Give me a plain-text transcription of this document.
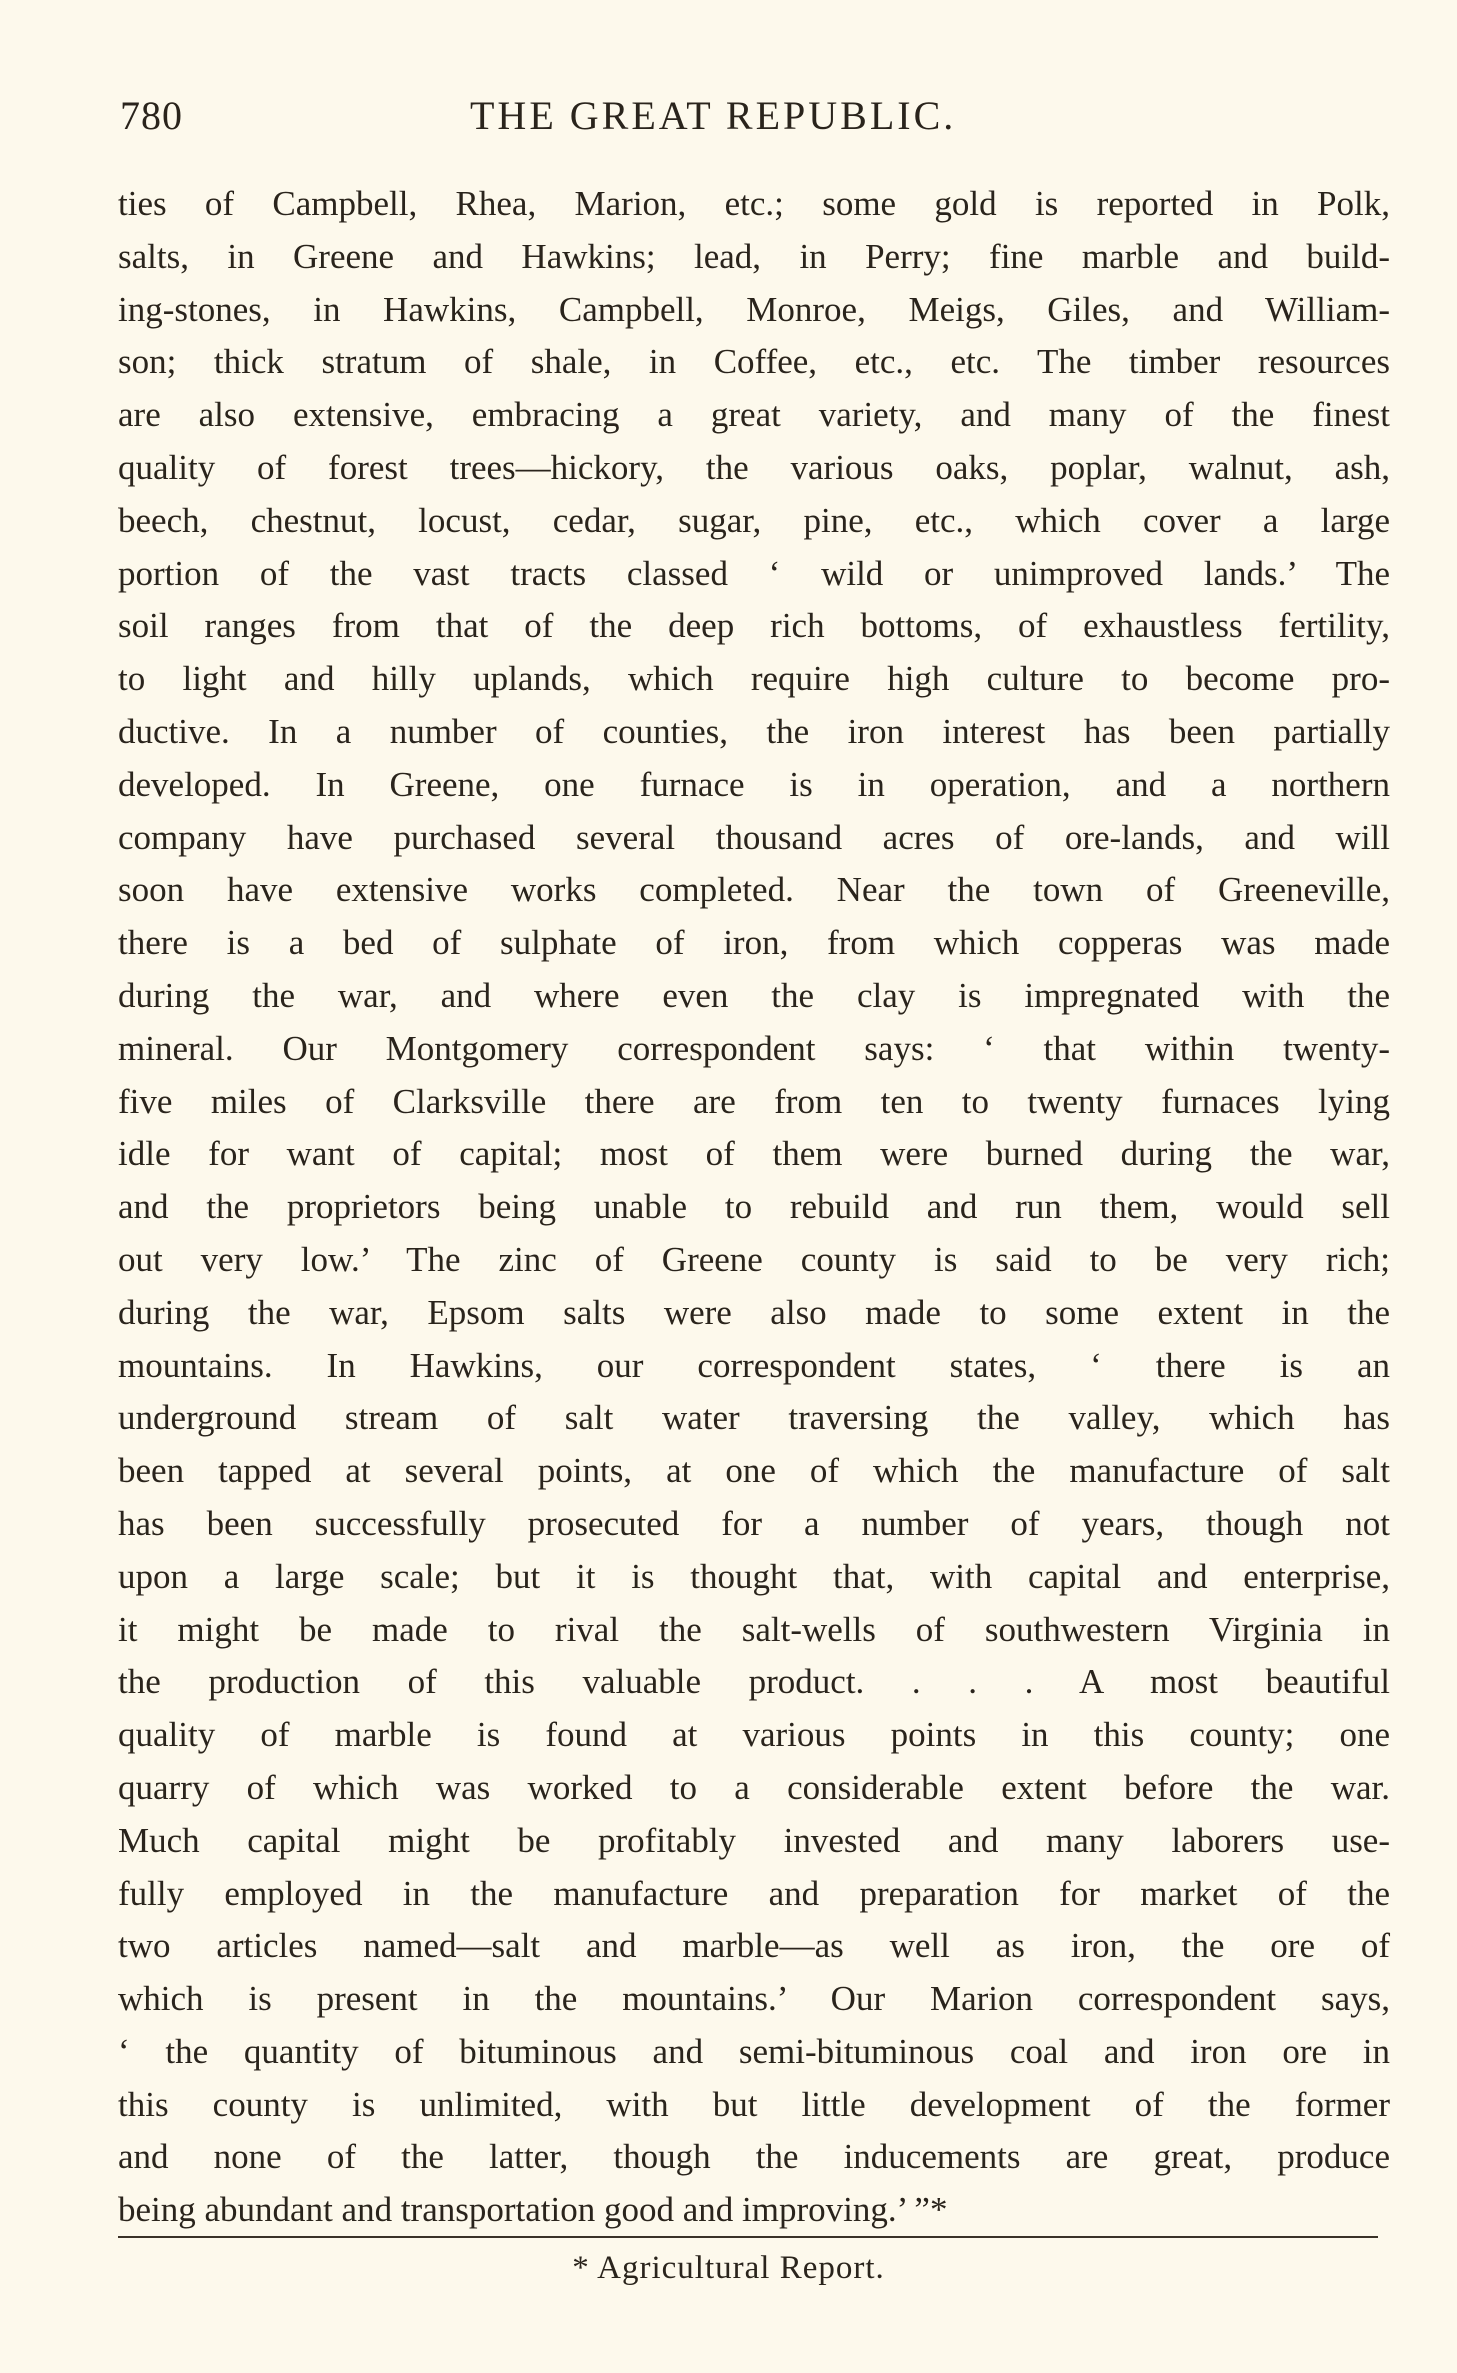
780	THE GREAT REPUBLIC.
ties of Campbell, Rhea, Marion, etc.; some gold is reported in Polk,
salts, in Greene and Hawkins; lead, in Perry; fine marble and build-
ing-stones, in Hawkins, Campbell, Monroe, Meigs, Giles, and William-
son; thick stratum of shale, in Coffee, etc., etc. The timber resources
are also extensive, embracing a great variety, and many of the finest
quality of forest trees—hickory, the various oaks, poplar, walnut, ash,
beech, chestnut, locust, cedar, sugar, pine, etc., which cover a large
portion of the vast tracts classed ‘ wild or unimproved lands.’ The
soil ranges from that of the deep rich bottoms, of exhaustless fertility,
to light and hilly uplands, which require high culture to become pro-
ductive. In a number of counties, the iron interest has been partially
developed. In Greene, one furnace is in operation, and a northern
company have purchased several thousand acres of ore-lands, and will
soon have extensive works completed. Near the town of Greeneville,
there is a bed of sulphate of iron, from which copperas was made
during the war, and where even the clay is impregnated with the
mineral. Our Montgomery correspondent says: ‘ that within twenty-
five miles of Clarksville there are from ten to twenty furnaces lying
idle for want of capital; most of them were burned during the war,
and the proprietors being unable to rebuild and run them, would sell
out very low.’ The zinc of Greene county is said to be very rich;
during the war, Epsom salts were also made to some extent in the
mountains. In Hawkins, our correspondent states, ‘ there is an
underground stream of salt water traversing the valley, which has
been tapped at several points, at one of which the manufacture of salt
has been successfully prosecuted for a number of years, though not
upon a large scale; but it is thought that, with capital and enterprise,
it might be made to rival the salt-wells of southwestern Virginia in
the production of this valuable product. . . . A most beautiful
quality of marble is found at various points in this county; one
quarry of which was worked to a considerable extent before the war.
Much capital might be profitably invested and many laborers use-
fully employed in the manufacture and preparation for market of the
two articles named—salt and marble—as well as iron, the ore of
which is present in the mountains.’ Our Marion correspondent says,
‘ the quantity of bituminous and semi-bituminous coal and iron ore in
this county is unlimited, with but little development of the former
and none of the latter, though the inducements are great, produce
being abundant and transportation good and improving.’ ”*
* Agricultural Report.
